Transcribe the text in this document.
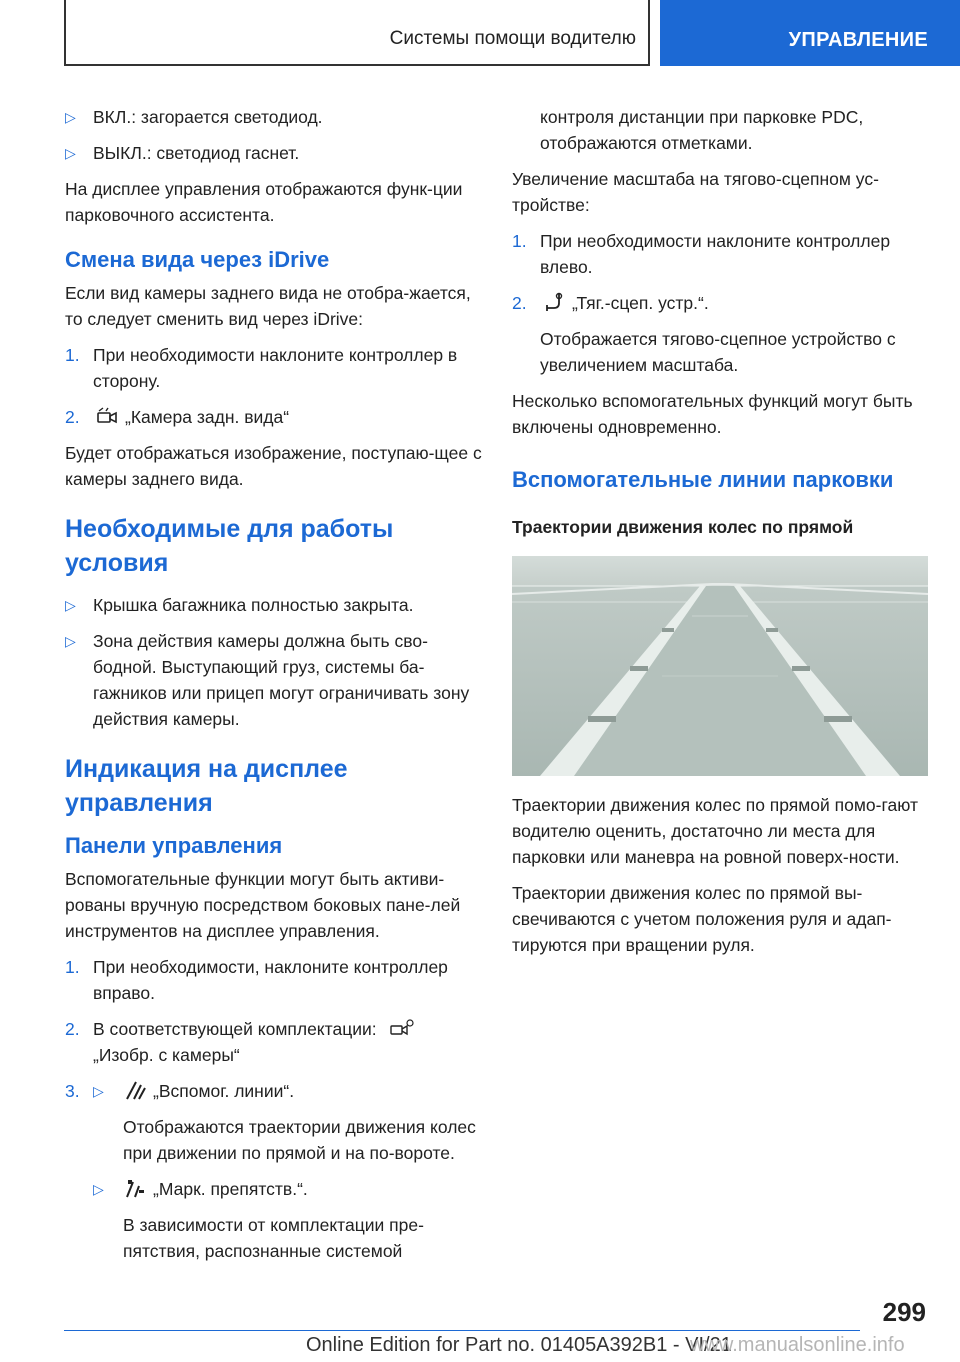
Системы помощи водителю	УПРАВЛЕНИЕ
▷ ВКЛ.: загорается светодиод.
▷ ВЫКЛ.: светодиод гаснет.

На дисплее управления отображаются функ-ции парковочного ассистента.

Смена вида через iDrive

Если вид камеры заднего вида не отобра-жается, то следует сменить вид через iDrive:

1. При необходимости наклоните контроллер в сторону.
2.	„Камера задн. вида“

Будет отображаться изображение, поступаю-щее с камеры заднего вида.

Необходимые для работы условия
▷ Крышка багажника полностью закрыта.
▷ Зона действия камеры должна быть сво-бодной. Выступающий груз, системы ба-гажников или прицеп могут ограничивать зону действия камеры.
Индикация на дисплее управления
Панели управления

Вспомогательные функции могут быть активи-рованы вручную посредством боковых пане-лей инструментов на дисплее управления.

1. При необходимости, наклоните контроллер вправо.
2. В соответствующей комплектации:
„Изобр. с камеры“
3. ▷	„Вспомог. линии“.

Отображаются траектории движения колес при движении по прямой и на по-вороте.

▷	„Марк. препятств.“.

В зависимости от комплектации пре-пятствия, распознанные системой

контроля дистанции при парковке PDC, отображаются отметками.

Увеличение масштаба на тягово-сцепном ус-тройстве:

1. При необходимости наклоните контроллер влево.
2.	„Тяг.-сцеп. устр.“.

Отображается тягово-сцепное устройство с увеличением масштаба.

Несколько вспомогательных функций могут быть включены одновременно.

Вспомогательные линии парковки
Траектории движения колес по прямой

Траектории движения колес по прямой помо-гают водителю оценить, достаточно ли места для парковки или маневра на ровной поверх-ности.

Траектории движения колес по прямой вы-свечиваются с учетом положения руля и адап-тируются при вращении руля.

299
Online Edition for Part no. 01405A392B1 - VI/21
www.manualsonline.info
